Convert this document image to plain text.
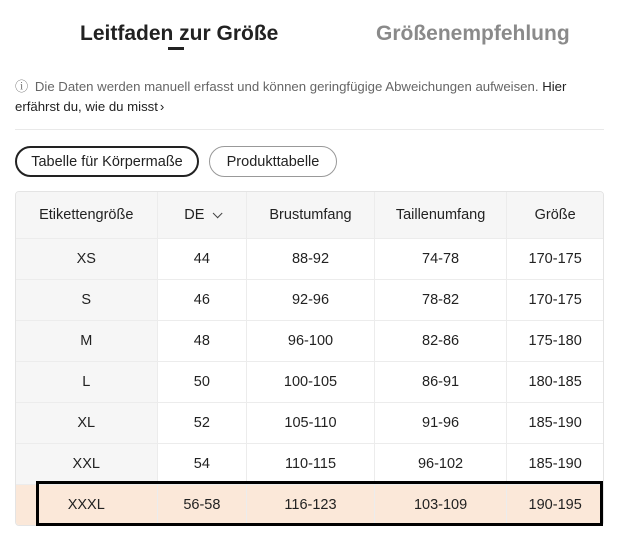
Leitfaden zur Größe	Größenempfehlung
ⓘ Die Daten werden manuell erfasst und können geringfügige Abweichungen aufweisen. Hier erfährst du, wie du misst ›
Tabelle für Körpermaße	Produkttabelle
Etikettengröße	DE	Brustumfang	Taillenumfang	Größe
XS	44	88-92	74-78	170-175
S	46	92-96	78-82	170-175
M	48	96-100	82-86	175-180
L	50	100-105	86-91	180-185
XL	52	105-110	91-96	185-190
XXL	54	110-115	96-102	185-190
XXXL	56-58	116-123	103-109	190-195
